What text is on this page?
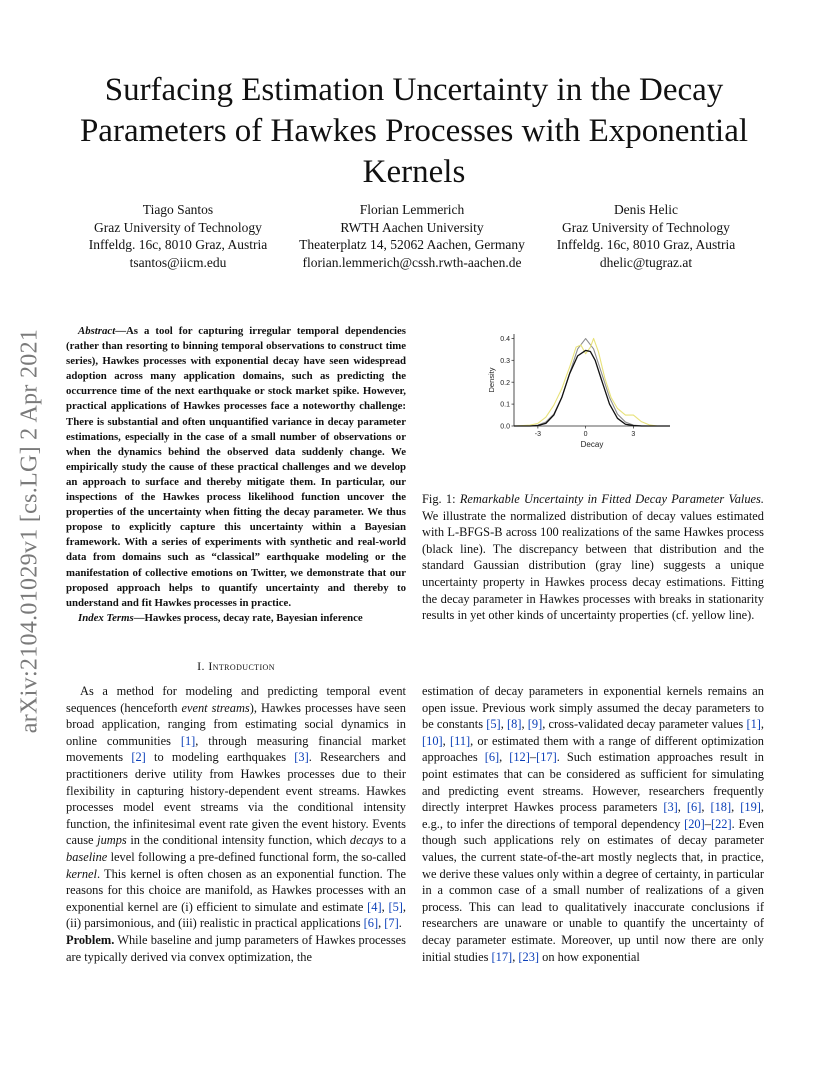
Surfacing Estimation Uncertainty in the Decay Parameters of Hawkes Processes with Exponential Kernels
Tiago Santos
Graz University of Technology
Inffeldg. 16c, 8010 Graz, Austria
tsantos@iicm.edu
Florian Lemmerich
RWTH Aachen University
Theaterplatz 14, 52062 Aachen, Germany
florian.lemmerich@cssh.rwth-aachen.de
Denis Helic
Graz University of Technology
Inffeldg. 16c, 8010 Graz, Austria
dhelic@tugraz.at
arXiv:2104.01029v1 [cs.LG] 2 Apr 2021	Abstract—As a tool for capturing irregular temporal dependencies (rather than resorting to binning temporal observations to construct time series), Hawkes processes with exponential decay have seen widespread adoption across many application domains, such as predicting the occurrence time of the next earthquake or stock market spike. However, practical applications of Hawkes processes face a noteworthy challenge: There is substantial and often unquantified variance in decay parameter estimations, especially in the case of a small number of observations or when the dynamics behind the observed data suddenly change. We empirically study the cause of these practical challenges and we develop an approach to surface and thereby mitigate them. In particular, our inspections of the Hawkes process likelihood function uncover the properties of the uncertainty when fitting the decay parameter. We thus propose to explicitly capture this uncertainty within a Bayesian framework. With a series of experiments with synthetic and real-world data from domains such as “classical” earthquake modeling or the manifestation of collective emotions on Twitter, we demonstrate that our proposed approach helps to quantify uncertainty and thereby to understand and fit Hawkes processes in practice.

Index Terms—Hawkes process, decay rate, Bayesian inference

0.0
0.1
0.2
0.3
0.4
-3	0	3
Decay
Density
Fig. 1: Remarkable Uncertainty in Fitted Decay Parameter Values. We illustrate the normalized distribution of decay values estimated with L-BFGS-B across 100 realizations of the same Hawkes process (black line). The discrepancy between that distribution and the standard Gaussian distribution (gray line) suggests a unique uncertainty property in Hawkes process decay estimations. Fitting the decay parameter in Hawkes processes with breaks in stationarity results in yet other kinds of uncertainty properties (cf. yellow line).
I. Introduction

As a method for modeling and predicting temporal event sequences (henceforth event streams), Hawkes processes have seen broad application, ranging from estimating social dynamics in online communities [1], through measuring financial market movements [2] to modeling earthquakes [3]. Researchers and practitioners derive utility from Hawkes processes due to their flexibility in capturing history-dependent event streams. Hawkes processes model event streams via the conditional intensity function, the infinitesimal event rate given the event history. Events cause jumps in the conditional intensity function, which decays to a baseline level following a pre-defined functional form, the so-called kernel. This kernel is often chosen as an exponential function. The reasons for this choice are manifold, as Hawkes processes with an exponential kernel are (i) efficient to simulate and estimate [4], [5], (ii) parsimonious, and (iii) realistic in practical applications [6], [7].

Problem. While baseline and jump parameters of Hawkes processes are typically derived via convex optimization, the

estimation of decay parameters in exponential kernels remains an open issue. Previous work simply assumed the decay parameters to be constants [5], [8], [9], cross-validated decay parameter values [1], [10], [11], or estimated them with a range of different optimization approaches [6], [12]–[17]. Such estimation approaches result in point estimates that can be considered as sufficient for simulating and predicting event streams. However, researchers frequently directly interpret Hawkes process parameters [3], [6], [18], [19], e.g., to infer the directions of temporal dependency [20]–[22]. Even though such applications rely on estimates of decay parameter values, the current state-of-the-art mostly neglects that, in practice, we derive these values only within a degree of certainty, in particular in a common case of a small number of realizations of a given process. This can lead to qualitatively inaccurate conclusions if researchers are unaware or unable to quantify the uncertainty of decay parameter estimate. Moreover, up until now there are only initial studies [17], [23] on how exponential
